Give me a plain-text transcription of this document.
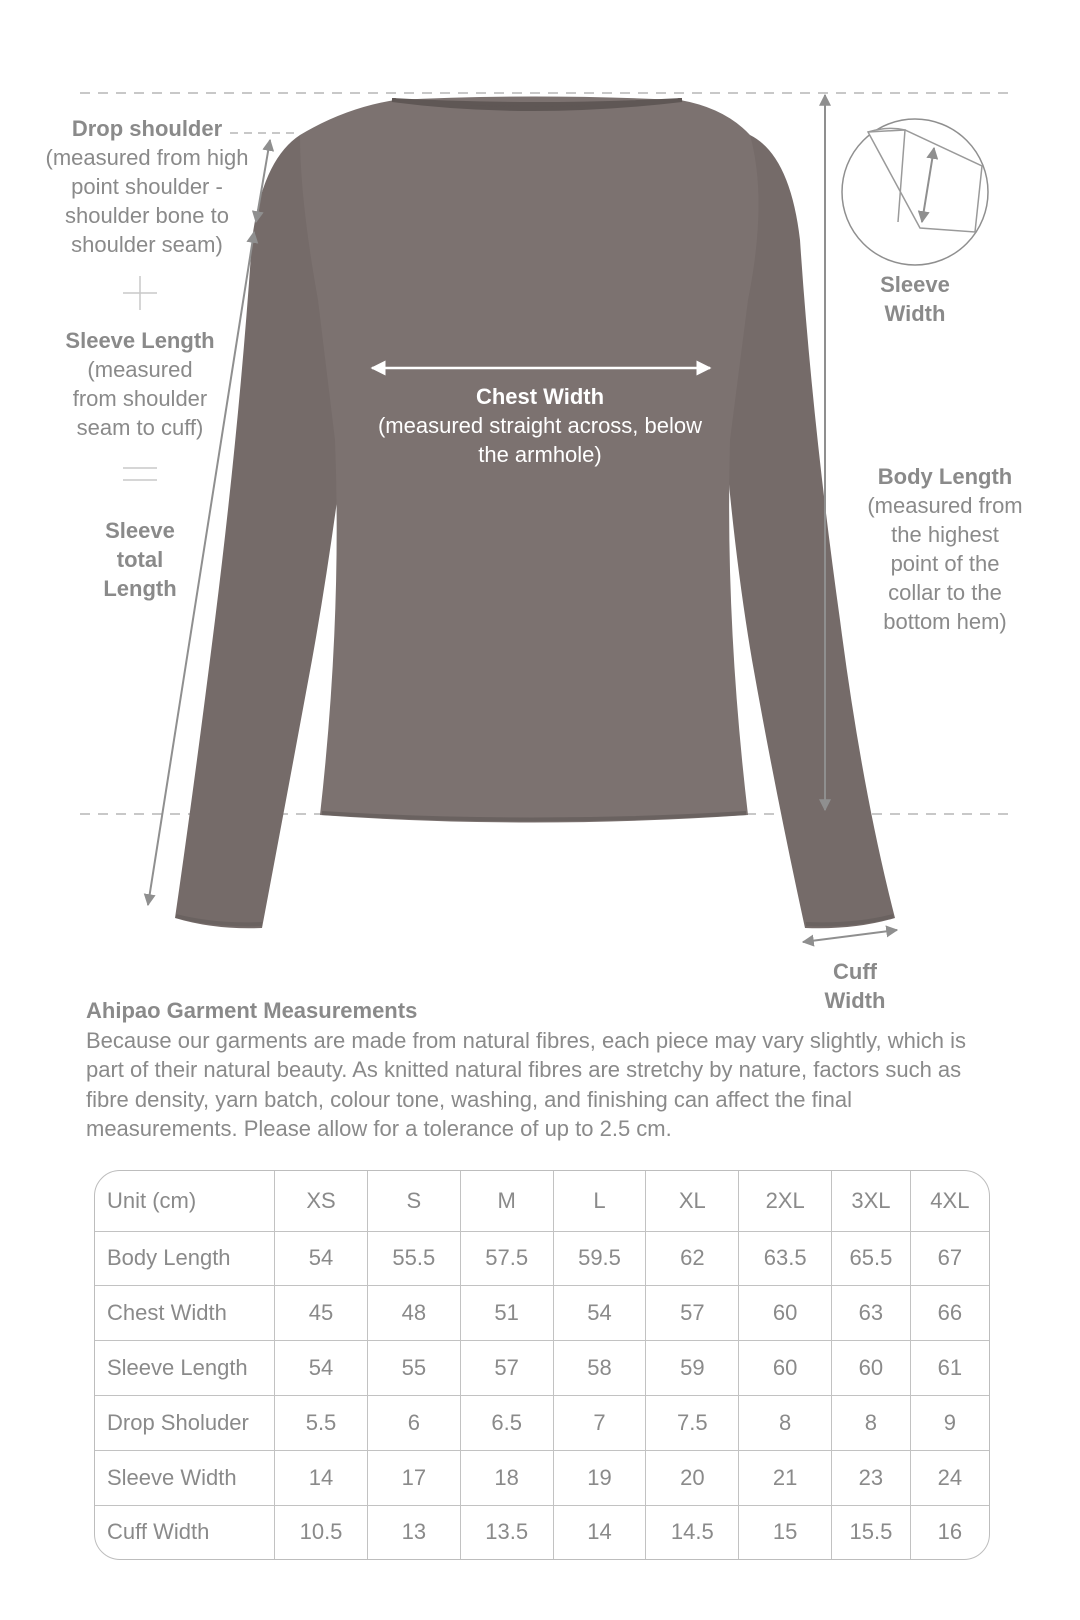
Drop shoulder
(measured from high
point shoulder -
shoulder bone to
shoulder seam)
Sleeve Length
(measured
from shoulder
seam to cuff)
Sleeve
total
Length
Chest Width
(measured straight across, below
the armhole)
Sleeve
Width
Body Length
(measured from
the highest
point of the
collar to the
bottom hem)
Cuff
Width
Ahipao Garment Measurements
Because our garments are made from natural fibres, each piece may vary slightly, which is part of their natural beauty. As knitted natural fibres are stretchy by nature, factors such as fibre density, yarn batch, colour tone, washing, and finishing can affect the final measurements. Please allow for a tolerance of up to 2.5 cm.
Unit (cm)	XS	S	M	L	XL	2XL	3XL	4XL
Body Length	54	55.5	57.5	59.5	62	63.5	65.5	67
Chest Width	45	48	51	54	57	60	63	66
Sleeve Length	54	55	57	58	59	60	60	61
Drop Sholuder	5.5	6	6.5	7	7.5	8	8	9
Sleeve Width	14	17	18	19	20	21	23	24
Cuff Width	10.5	13	13.5	14	14.5	15	15.5	16
